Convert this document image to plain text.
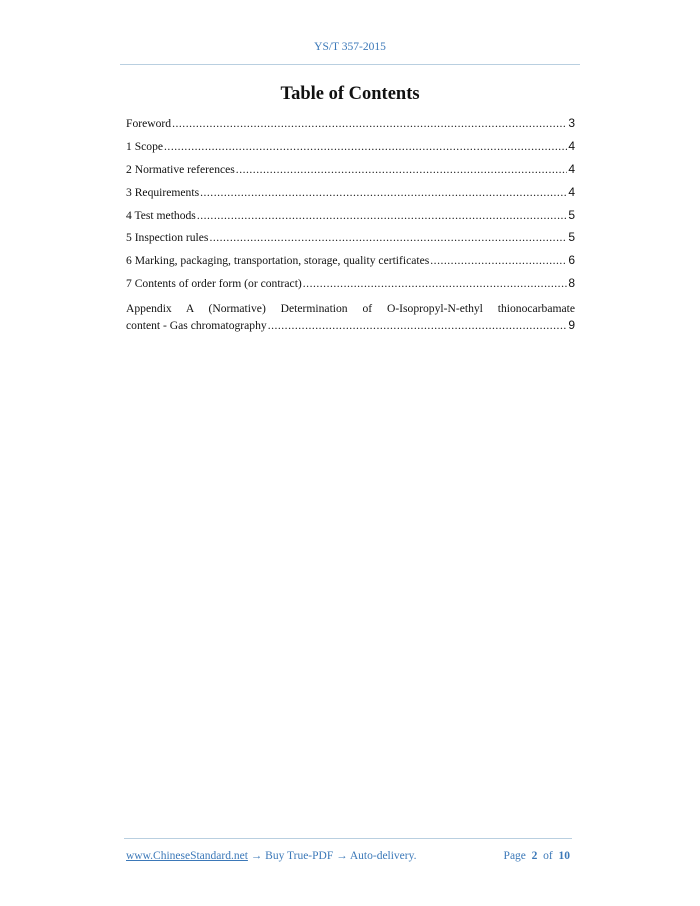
YS/T 357-2015
Table of Contents
Foreword .....	3
1 Scope .....	4
2 Normative references .....	4
3 Requirements .....	4
4 Test methods .....	5
5 Inspection rules .....	5
6 Marking, packaging, transportation, storage, quality certificates .....	6
7 Contents of order form (or contract) .....	8
Appendix A (Normative) Determination of O-Isopropyl-N-ethyl thionocarbamate
content - Gas chromatography .....	9
www.ChineseStandard.net → Buy True-PDF → Auto-delivery.	Page 2 of 10
